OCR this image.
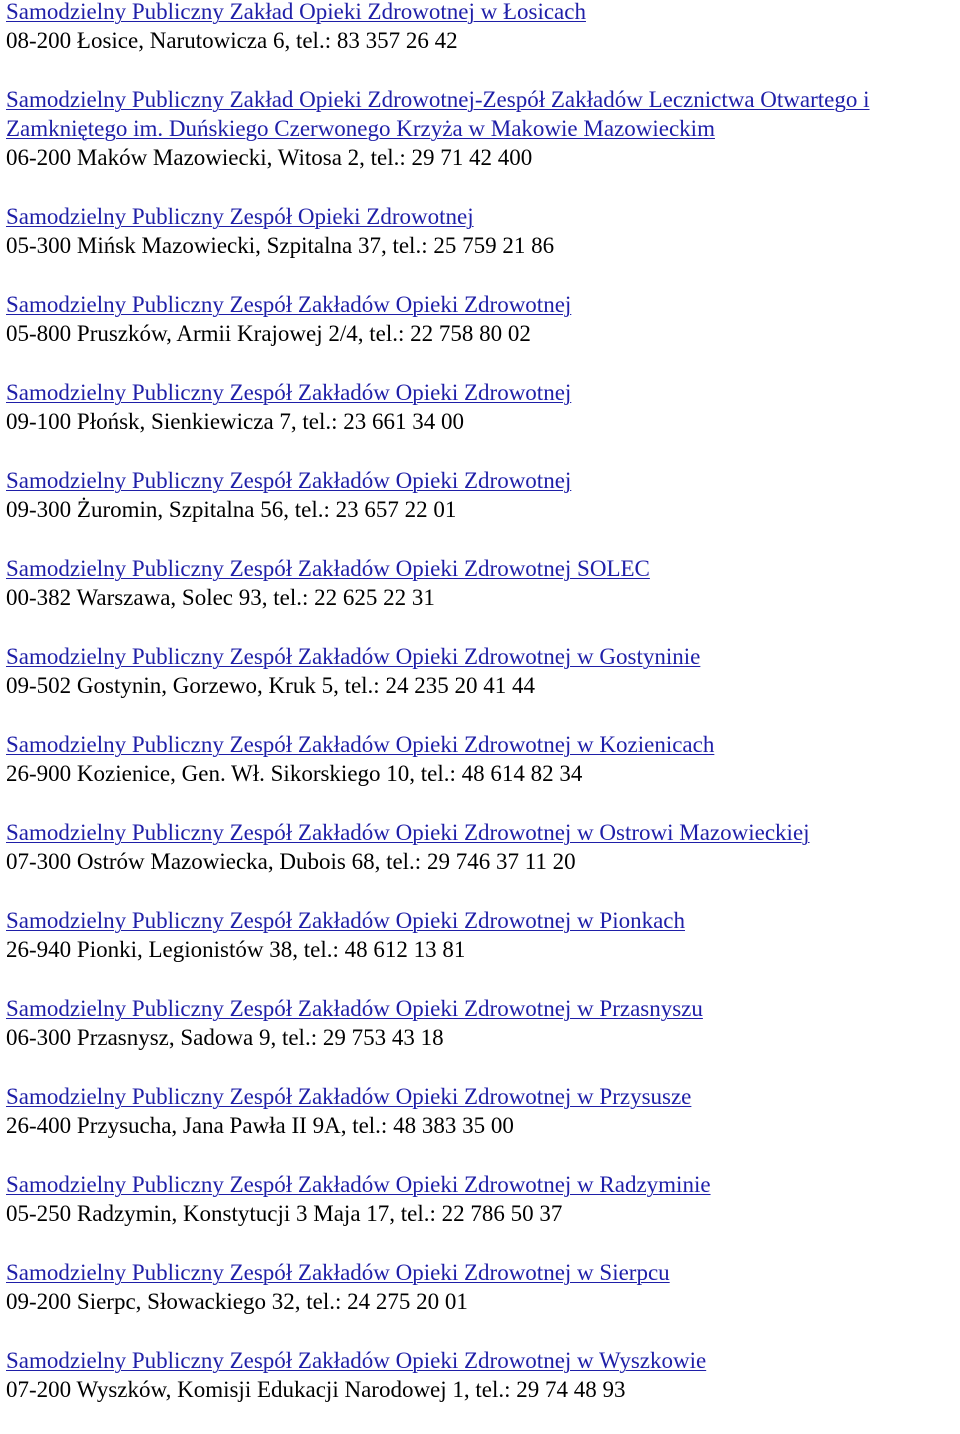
Samodzielny Publiczny Zakład Opieki Zdrowotnej w Łosicach
08-200 Łosice, Narutowicza 6, tel.: 83 357 26 42
Samodzielny Publiczny Zakład Opieki Zdrowotnej-Zespół Zakładów Lecznictwa Otwartego i Zamkniętego im. Duńskiego Czerwonego Krzyża w Makowie Mazowieckim
06-200 Maków Mazowiecki, Witosa 2, tel.: 29 71 42 400
Samodzielny Publiczny Zespół Opieki Zdrowotnej
05-300 Mińsk Mazowiecki, Szpitalna 37, tel.: 25 759 21 86
Samodzielny Publiczny Zespół Zakładów Opieki Zdrowotnej
05-800 Pruszków, Armii Krajowej 2/4, tel.: 22 758 80 02
Samodzielny Publiczny Zespół Zakładów Opieki Zdrowotnej
09-100 Płońsk, Sienkiewicza 7, tel.: 23 661 34 00
Samodzielny Publiczny Zespół Zakładów Opieki Zdrowotnej
09-300 Żuromin, Szpitalna 56, tel.: 23 657 22 01
Samodzielny Publiczny Zespół Zakładów Opieki Zdrowotnej SOLEC
00-382 Warszawa, Solec 93, tel.: 22 625 22 31
Samodzielny Publiczny Zespół Zakładów Opieki Zdrowotnej w Gostyninie
09-502 Gostynin, Gorzewo, Kruk 5, tel.: 24 235 20 41 44
Samodzielny Publiczny Zespół Zakładów Opieki Zdrowotnej w Kozienicach
26-900 Kozienice, Gen. Wł. Sikorskiego 10, tel.: 48 614 82 34
Samodzielny Publiczny Zespół Zakładów Opieki Zdrowotnej w Ostrowi Mazowieckiej
07-300 Ostrów Mazowiecka, Dubois 68, tel.: 29 746 37 11 20
Samodzielny Publiczny Zespół Zakładów Opieki Zdrowotnej w Pionkach
26-940 Pionki, Legionistów 38, tel.: 48 612 13 81
Samodzielny Publiczny Zespół Zakładów Opieki Zdrowotnej w Przasnyszu
06-300 Przasnysz, Sadowa 9, tel.: 29 753 43 18
Samodzielny Publiczny Zespół Zakładów Opieki Zdrowotnej w Przysusze
26-400 Przysucha, Jana Pawła II 9A, tel.: 48 383 35 00
Samodzielny Publiczny Zespół Zakładów Opieki Zdrowotnej w Radzyminie
05-250 Radzymin, Konstytucji 3 Maja 17, tel.: 22 786 50 37
Samodzielny Publiczny Zespół Zakładów Opieki Zdrowotnej w Sierpcu
09-200 Sierpc, Słowackiego 32, tel.: 24 275 20 01
Samodzielny Publiczny Zespół Zakładów Opieki Zdrowotnej w Wyszkowie
07-200 Wyszków, Komisji Edukacji Narodowej 1, tel.: 29 74 48 93
